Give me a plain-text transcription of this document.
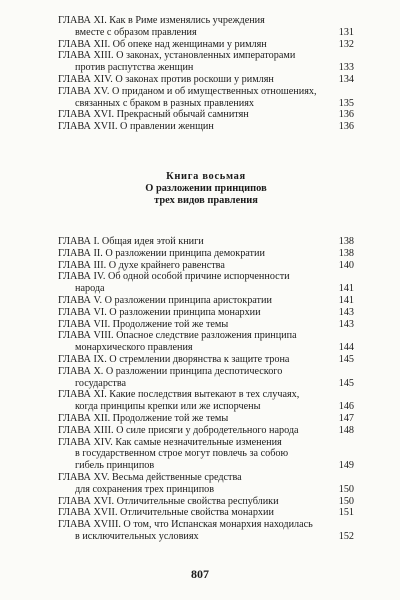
ГЛАВА XI. Как в Риме изменялись учреждения
вместе с образом правления	131
ГЛАВА XII. Об опеке над женщинами у римлян	132
ГЛАВА XIII. О законах, установленных императорами
против распутства женщин	133
ГЛАВА XIV. О законах против роскоши у римлян	134
ГЛАВА XV. О приданом и об имущественных отношениях,
связанных с браком в разных правлениях	135
ГЛАВА XVI. Прекрасный обычай самнитян	136
ГЛАВА XVII. О правлении женщин	136
Книга восьмая
О разложении принципов
трех видов правления
ГЛАВА I. Общая идея этой книги	138
ГЛАВА II. О разложении принципа демократии	138
ГЛАВА III. О духе крайнего равенства	140
ГЛАВА IV. Об одной особой причине испорченности
народа	141
ГЛАВА V. О разложении принципа аристократии	141
ГЛАВА VI. О разложении принципа монархии	143
ГЛАВА VII. Продолжение той же темы	143
ГЛАВА VIII. Опасное следствие разложения принципа
монархического правления	144
ГЛАВА IX. О стремлении дворянства к защите трона	145
ГЛАВА X. О разложении принципа деспотического
государства	145
ГЛАВА XI. Какие последствия вытекают в тех случаях,
когда принципы крепки или же испорчены	146
ГЛАВА XII. Продолжение той же темы	147
ГЛАВА XIII. О силе присяги у добродетельного народа	148
ГЛАВА XIV. Как самые незначительные изменения
в государственном строе могут повлечь за собою
гибель принципов	149
ГЛАВА XV. Весьма действенные средства
для сохранения трех принципов	150
ГЛАВА XVI. Отличительные свойства республики	150
ГЛАВА XVII. Отличительные свойства монархии	151
ГЛАВА XVIII. О том, что Испанская монархия находилась
в исключительных условиях	152
807
